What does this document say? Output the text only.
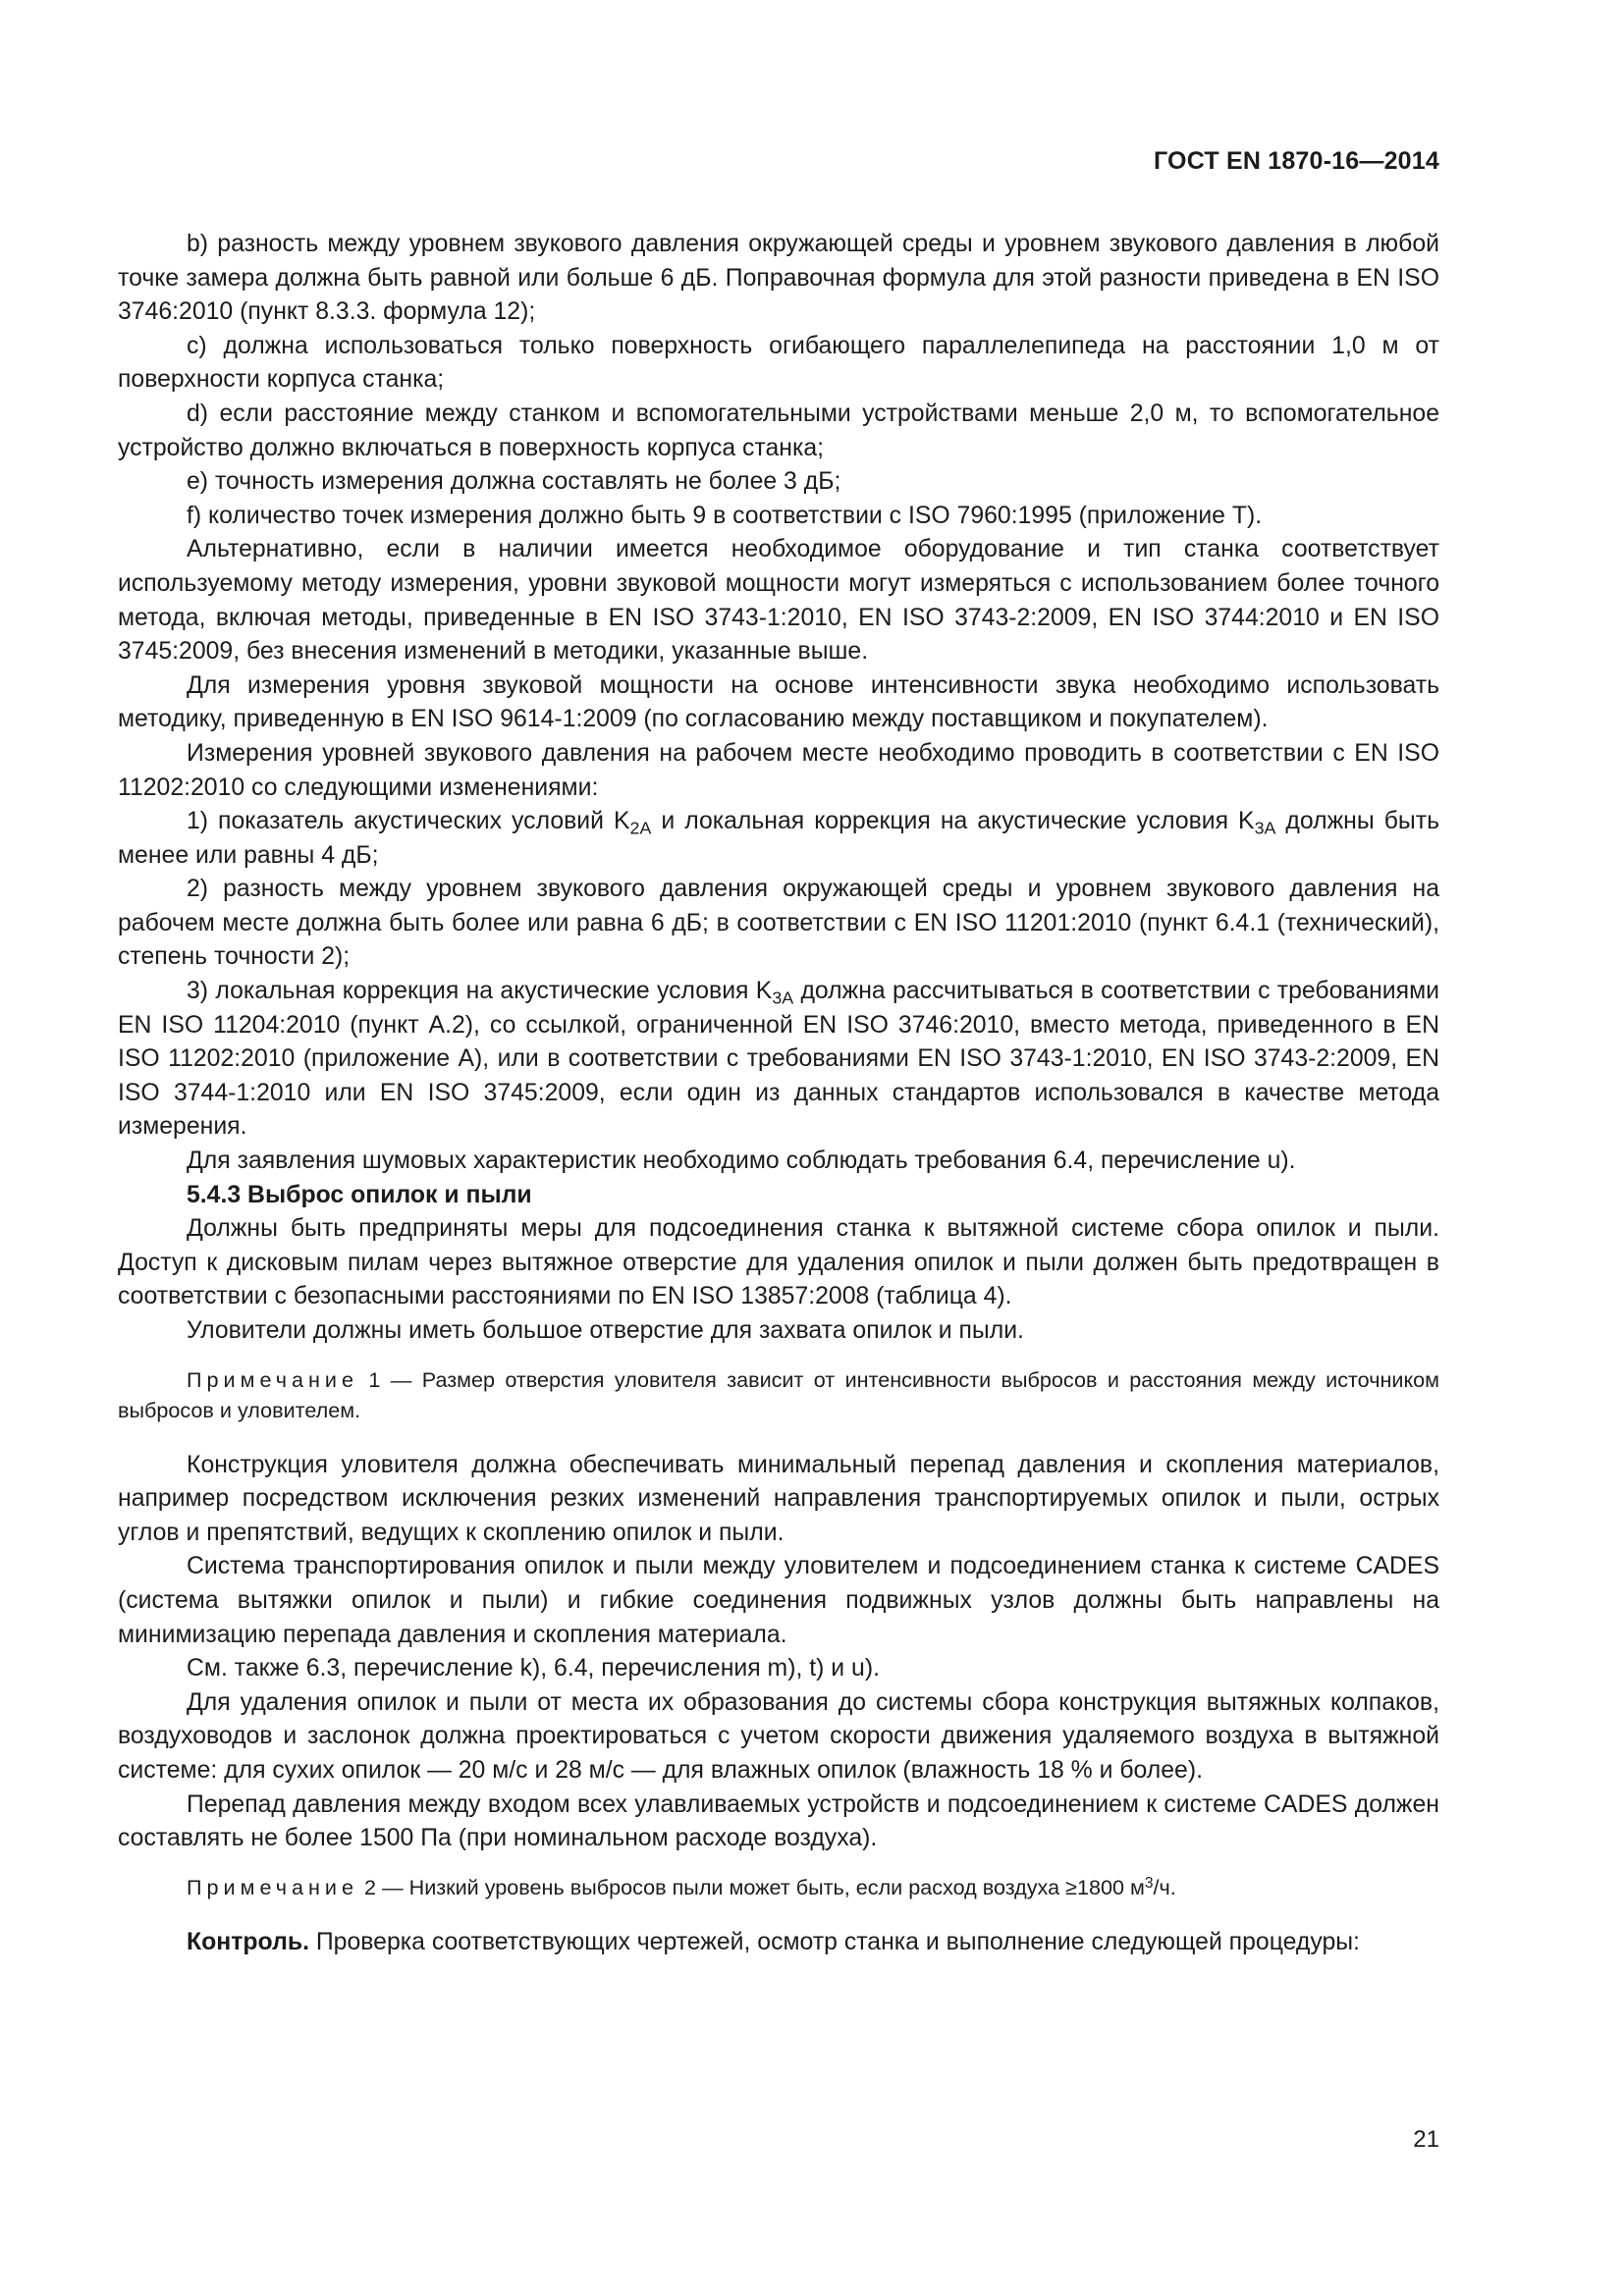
ГОСТ EN 1870-16—2014

b) разность между уровнем звукового давления окружающей среды и уровнем звукового давления в любой точке замера должна быть равной или больше 6 дБ. Поправочная формула для этой разности приведена в EN ISO 3746:2010 (пункт 8.3.3. формула 12);

c) должна использоваться только поверхность огибающего параллелепипеда на расстоянии 1,0 м от поверхности корпуса станка;

d) если расстояние между станком и вспомогательными устройствами меньше 2,0 м, то вспомогательное устройство должно включаться в поверхность корпуса станка;

e) точность измерения должна составлять не более 3 дБ;

f) количество точек измерения должно быть 9 в соответствии с ISO 7960:1995 (приложение Т).

Альтернативно, если в наличии имеется необходимое оборудование и тип станка соответствует используемому методу измерения, уровни звуковой мощности могут измеряться с использованием более точного метода, включая методы, приведенные в EN ISO 3743-1:2010, EN ISO 3743-2:2009, EN ISO 3744:2010 и EN ISO 3745:2009, без внесения изменений в методики, указанные выше.

Для измерения уровня звуковой мощности на основе интенсивности звука необходимо использовать методику, приведенную в EN ISO 9614-1:2009 (по согласованию между поставщиком и покупателем).

Измерения уровней звукового давления на рабочем месте необходимо проводить в соответствии с EN ISO 11202:2010 со следующими изменениями:

1) показатель акустических условий $K_{2A}$ и локальная коррекция на акустические условия $K_{3A}$ должны быть менее или равны 4 дБ;

2) разность между уровнем звукового давления окружающей среды и уровнем звукового давления на рабочем месте должна быть более или равна 6 дБ; в соответствии с EN ISO 11201:2010 (пункт 6.4.1 (технический), степень точности 2);

3) локальная коррекция на акустические условия $K_{3A}$ должна рассчитываться в соответствии с требованиями EN ISO 11204:2010 (пункт А.2), со ссылкой, ограниченной EN ISO 3746:2010, вместо метода, приведенного в EN ISO 11202:2010 (приложение А), или в соответствии с требованиями EN ISO 3743-1:2010, EN ISO 3743-2:2009, EN ISO 3744-1:2010 или EN ISO 3745:2009, если один из данных стандартов использовался в качестве метода измерения.

Для заявления шумовых характеристик необходимо соблюдать требования 6.4, перечисление u).

5.4.3 Выброс опилок и пыли

Должны быть предприняты меры для подсоединения станка к вытяжной системе сбора опилок и пыли. Доступ к дисковым пилам через вытяжное отверстие для удаления опилок и пыли должен быть предотвращен в соответствии с безопасными расстояниями по EN ISO 13857:2008 (таблица 4).

Уловители должны иметь большое отверстие для захвата опилок и пыли.

Примечание 1 — Размер отверстия уловителя зависит от интенсивности выбросов и расстояния между источником выбросов и уловителем.

Конструкция уловителя должна обеспечивать минимальный перепад давления и скопления материалов, например посредством исключения резких изменений направления транспортируемых опилок и пыли, острых углов и препятствий, ведущих к скоплению опилок и пыли.

Система транспортирования опилок и пыли между уловителем и подсоединением станка к системе CADES (система вытяжки опилок и пыли) и гибкие соединения подвижных узлов должны быть направлены на минимизацию перепада давления и скопления материала.

См. также 6.3, перечисление k), 6.4, перечисления m), t) и u).

Для удаления опилок и пыли от места их образования до системы сбора конструкция вытяжных колпаков, воздуховодов и заслонок должна проектироваться с учетом скорости движения удаляемого воздуха в вытяжной системе: для сухих опилок — 20 м/с и 28 м/с — для влажных опилок (влажность 18 % и более).

Перепад давления между входом всех улавливаемых устройств и подсоединением к системе CADES должен составлять не более 1500 Па (при номинальном расходе воздуха).

Примечание 2 — Низкий уровень выбросов пыли может быть, если расход воздуха ≥1800 $м^3/ч$.

Контроль. Проверка соответствующих чертежей, осмотр станка и выполнение следующей процедуры:

21
